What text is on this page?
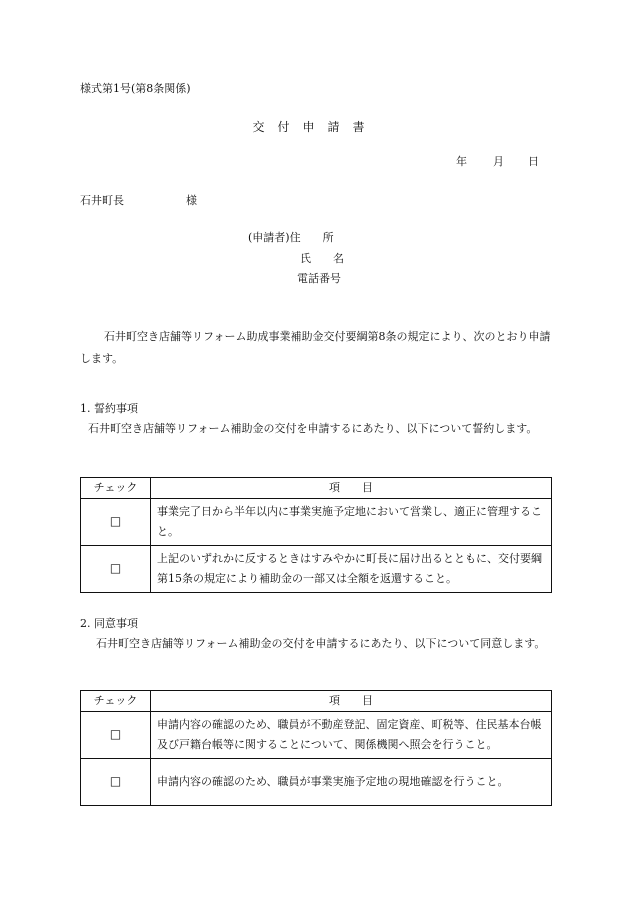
様式第1号(第8条関係)
交付申請書
年 月 日
石井町長	様
(申請者)住 所
氏 名
電話番号
石井町空き店舗等リフォーム助成事業補助金交付要綱第8条の規定により、次のとおり申請します。
1. 誓約事項
石井町空き店舗等リフォーム補助金の交付を申請するにあたり、以下について誓約します。
チェック	項 目
□	事業完了日から半年以内に事業実施予定地において営業し、適正に管理すること。
□	上記のいずれかに反するときはすみやかに町長に届け出るとともに、交付要綱第15条の規定により補助金の一部又は全額を返還すること。
2. 同意事項
石井町空き店舗等リフォーム補助金の交付を申請するにあたり、以下について同意します。
チェック	項 目
□	申請内容の確認のため、職員が不動産登記、固定資産、町税等、住民基本台帳及び戸籍台帳等に関することについて、関係機関へ照会を行うこと。
□	申請内容の確認のため、職員が事業実施予定地の現地確認を行うこと。
